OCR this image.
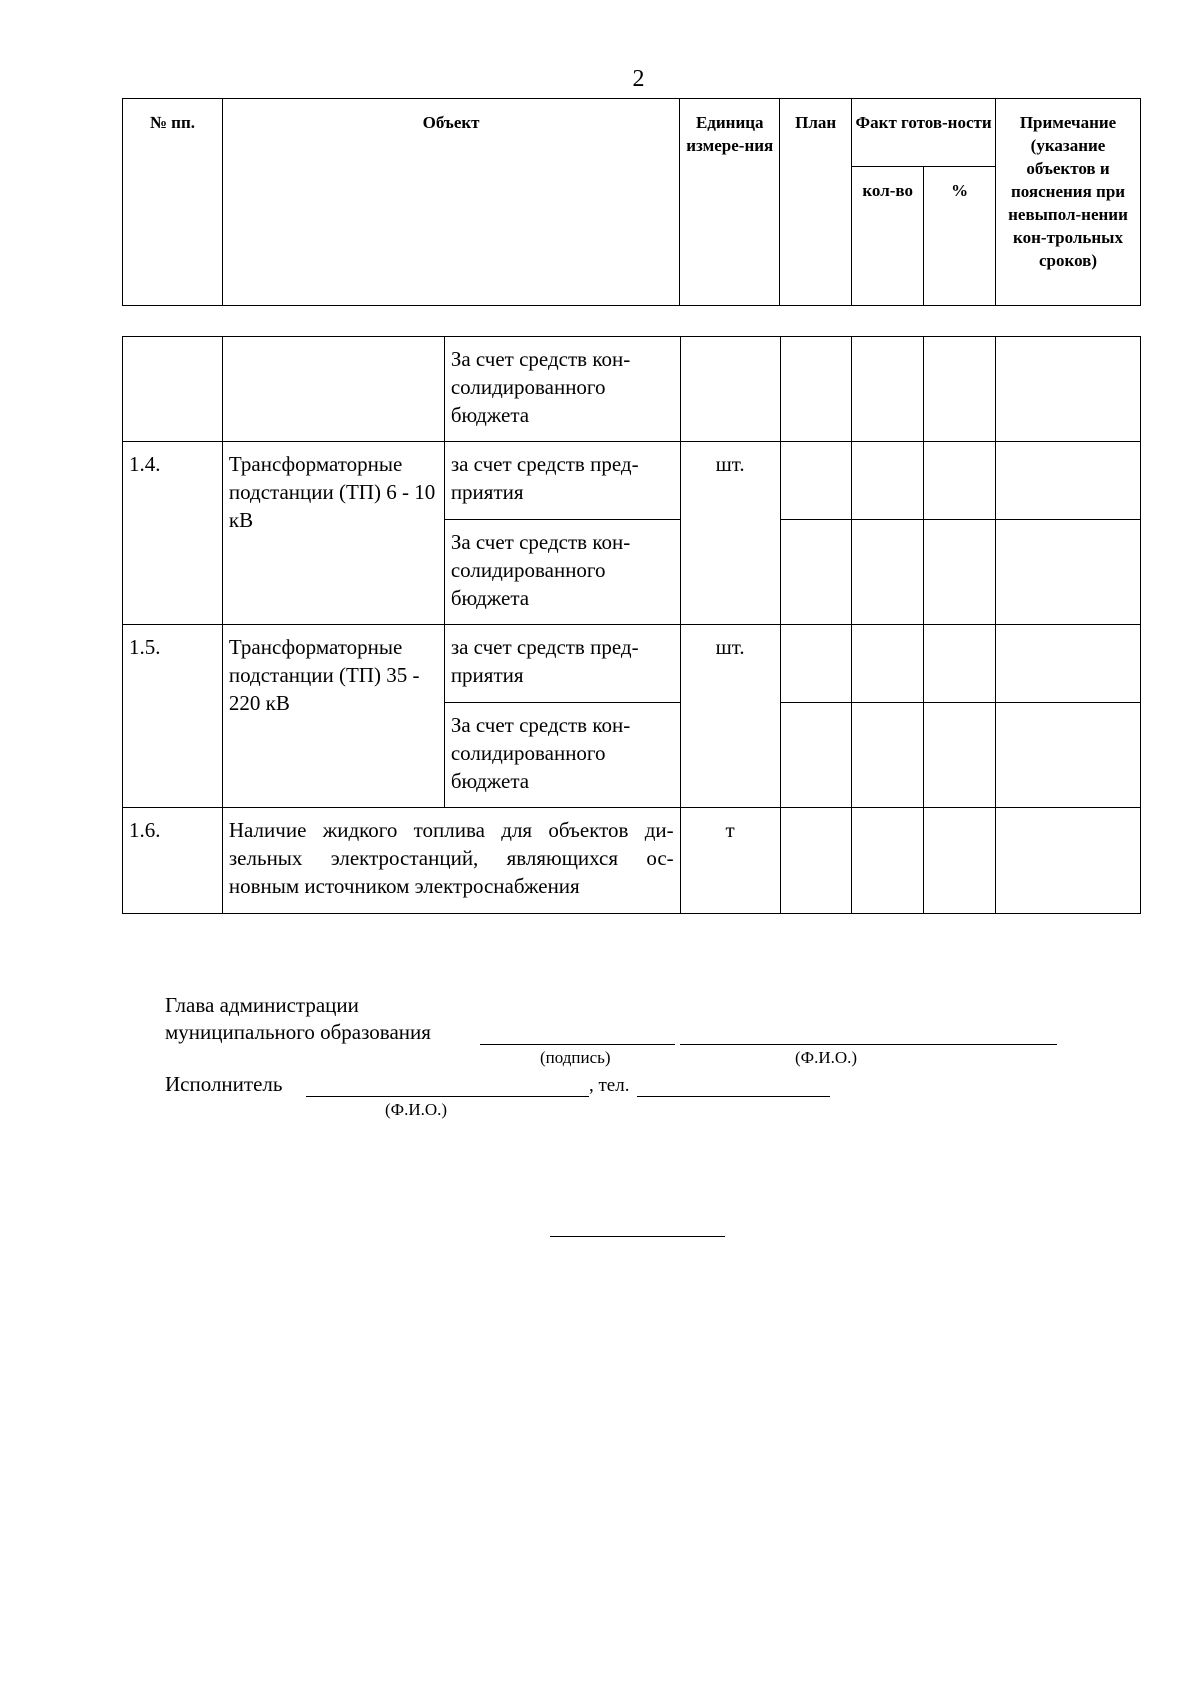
2
№ пп.	Объект	Единица измере-ния	План	Факт готов-ности		Примечание (указание объектов и пояснения при невыпол-нении кон-трольных сроков)
				кол-во	%	
		За счет средств кон-солидированного бюджета					
1.4.	Трансформаторные подстанции (ТП) 6 - 10 кВ	за счет средств пред-приятия	шт.				
		За счет средств кон-солидированного бюджета					
1.5.	Трансформаторные подстанции (ТП) 35 - 220 кВ	за счет средств пред-приятия	шт.				
		За счет средств кон-солидированного бюджета					
1.6.	Наличие жидкого топлива для объектов ди-зельных электростанций, являющихся ос-новным источником электроснабжения		т				
Глава администрации
муниципального образования
(подпись)	(Ф.И.О.)
Исполнитель	, тел.
(Ф.И.О.)
